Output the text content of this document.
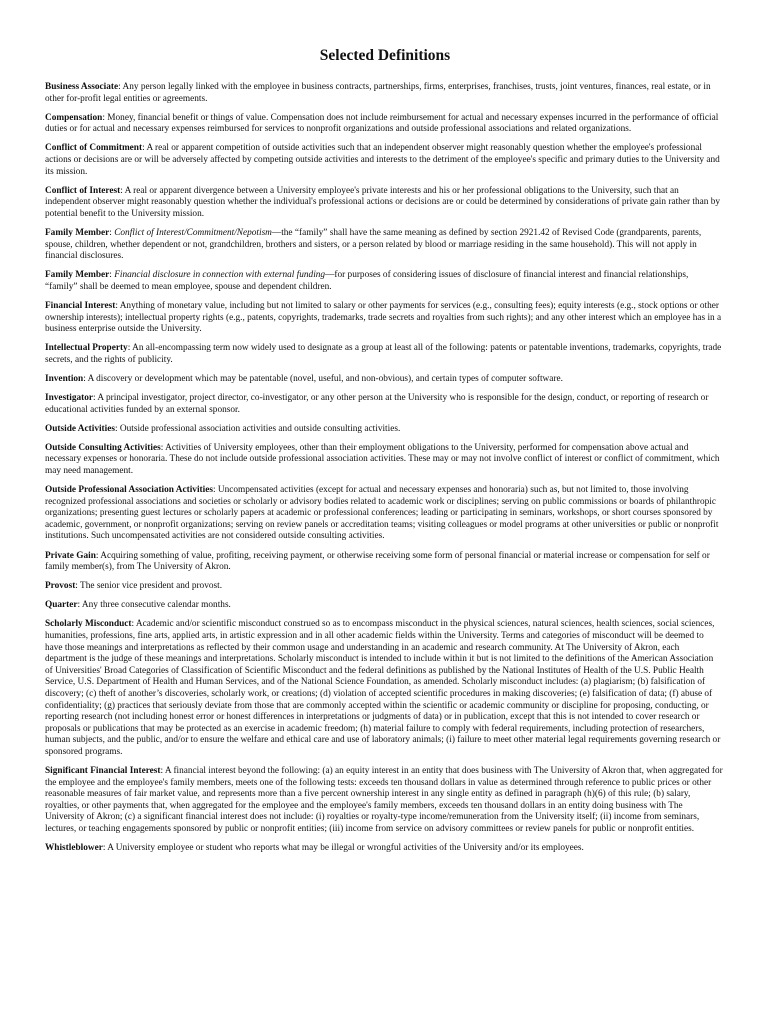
Selected Definitions

Business Associate: Any person legally linked with the employee in business contracts, partnerships, firms, enterprises, franchises, trusts, joint ventures, finances, real estate, or in other for-profit legal entities or agreements.

Compensation: Money, financial benefit or things of value. Compensation does not include reimbursement for actual and necessary expenses incurred in the performance of official duties or for actual and necessary expenses reimbursed for services to nonprofit organizations and outside professional associations and related organizations.

Conflict of Commitment: A real or apparent competition of outside activities such that an independent observer might reasonably question whether the employee's professional actions or decisions are or will be adversely affected by competing outside activities and interests to the detriment of the employee's specific and primary duties to the University and its mission.

Conflict of Interest: A real or apparent divergence between a University employee's private interests and his or her professional obligations to the University, such that an independent observer might reasonably question whether the individual's professional actions or decisions are or could be determined by considerations of private gain rather than by potential benefit to the University mission.

Family Member: Conflict of Interest/Commitment/Nepotism—the “family” shall have the same meaning as defined by section 2921.42 of Revised Code (grandparents, parents, spouse, children, whether dependent or not, grandchildren, brothers and sisters, or a person related by blood or marriage residing in the same household). This will not apply in financial disclosures.

Family Member: Financial disclosure in connection with external funding—for purposes of considering issues of disclosure of financial interest and financial relationships, “family” shall be deemed to mean employee, spouse and dependent children.

Financial Interest: Anything of monetary value, including but not limited to salary or other payments for services (e.g., consulting fees); equity interests (e.g., stock options or other ownership interests); intellectual property rights (e.g., patents, copyrights, trademarks, trade secrets and royalties from such rights); and any other interest which an employee has in a business enterprise outside the University.

Intellectual Property: An all-encompassing term now widely used to designate as a group at least all of the following: patents or patentable inventions, trademarks, copyrights, trade secrets, and the rights of publicity.

Invention: A discovery or development which may be patentable (novel, useful, and non-obvious), and certain types of computer software.

Investigator: A principal investigator, project director, co-investigator, or any other person at the University who is responsible for the design, conduct, or reporting of research or educational activities funded by an external sponsor.

Outside Activities: Outside professional association activities and outside consulting activities.

Outside Consulting Activities: Activities of University employees, other than their employment obligations to the University, performed for compensation above actual and necessary expenses or honoraria. These do not include outside professional association activities. These may or may not involve conflict of interest or conflict of commitment, which may need management.

Outside Professional Association Activities: Uncompensated activities (except for actual and necessary expenses and honoraria) such as, but not limited to, those involving recognized professional associations and societies or scholarly or advisory bodies related to academic work or disciplines; serving on public commissions or boards of philanthropic organizations; presenting guest lectures or scholarly papers at academic or professional conferences; leading or participating in seminars, workshops, or short courses sponsored by academic, government, or nonprofit organizations; serving on review panels or accreditation teams; visiting colleagues or model programs at other universities or public or nonprofit institutions. Such uncompensated activities are not considered outside consulting activities.

Private Gain: Acquiring something of value, profiting, receiving payment, or otherwise receiving some form of personal financial or material increase or compensation for self or family member(s), from The University of Akron.

Provost: The senior vice president and provost.

Quarter: Any three consecutive calendar months.

Scholarly Misconduct: Academic and/or scientific misconduct construed so as to encompass misconduct in the physical sciences, natural sciences, health sciences, social sciences, humanities, professions, fine arts, applied arts, in artistic expression and in all other academic fields within the University. Terms and categories of misconduct will be deemed to have those meanings and interpretations as reflected by their common usage and understanding in an academic and research community. At The University of Akron, each department is the judge of these meanings and interpretations. Scholarly misconduct is intended to include within it but is not limited to the definitions of the American Association of Universities' Broad Categories of Classification of Scientific Misconduct and the federal definitions as published by the National Institutes of Health of the U.S. Public Health Service, U.S. Department of Health and Human Services, and of the National Science Foundation, as amended. Scholarly misconduct includes: (a) plagiarism; (b) falsification of discovery; (c) theft of another’s discoveries, scholarly work, or creations; (d) violation of accepted scientific procedures in making discoveries; (e) falsification of data; (f) abuse of confidentiality; (g) practices that seriously deviate from those that are commonly accepted within the scientific or academic community or discipline for proposing, conducting, or reporting research (not including honest error or honest differences in interpretations or judgments of data) or in publication, except that this is not intended to cover research or proposals or publications that may be protected as an exercise in academic freedom; (h) material failure to comply with federal requirements, including protection of researchers, human subjects, and the public, and/or to ensure the welfare and ethical care and use of laboratory animals; (i) failure to meet other material legal requirements governing research or sponsored programs.

Significant Financial Interest: A financial interest beyond the following: (a) an equity interest in an entity that does business with The University of Akron that, when aggregated for the employee and the employee's family members, meets one of the following tests: exceeds ten thousand dollars in value as determined through reference to public prices or other reasonable measures of fair market value, and represents more than a five percent ownership interest in any single entity as defined in paragraph (h)(6) of this rule; (b) salary, royalties, or other payments that, when aggregated for the employee and the employee's family members, exceeds ten thousand dollars in an entity doing business with The University of Akron; (c) a significant financial interest does not include: (i) royalties or royalty-type income/remuneration from the University itself; (ii) income from seminars, lectures, or teaching engagements sponsored by public or nonprofit entities; (iii) income from service on advisory committees or review panels for public or nonprofit entities.

Whistleblower: A University employee or student who reports what may be illegal or wrongful activities of the University and/or its employees.
